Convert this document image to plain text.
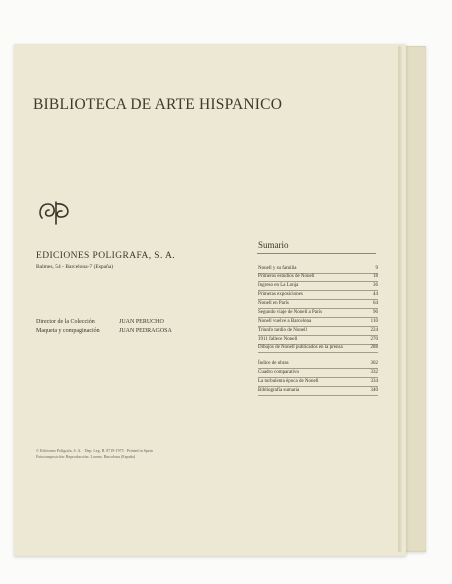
BIBLIOTECA DE ARTE HISPANICO
EDICIONES POLIGRAFA, S. A.
Balmes, 54 - Barcelona-7 (España)
Director de la Colección	JUAN PERUCHO
Maqueta y compaginación	JUAN PEDRAGOSA
© Ediciones Polígrafa, S. A. · Dep. Leg. B. 8719-1975 · Printed in Spain
Fotocomposición: Reproducción: Lorenz. Barcelona (España)
Sumario
Nonell y su familia	9
Primeros estudios de Nonell	18
Ingreso en La Lonja	36
Primeras exposiciones	44
Nonell en París	64
Segundo viaje de Nonell a París	96
Nonell vuelve a Barcelona	110
Triunfo tardío de Nonell	224
1911 fallece Nonell	270
Dibujos de Nonell publicados en la prensa	288
Índice de obras	302
Cuadro comparativo	332
La turbulenta época de Nonell	334
Bibliografía sumaria	340
